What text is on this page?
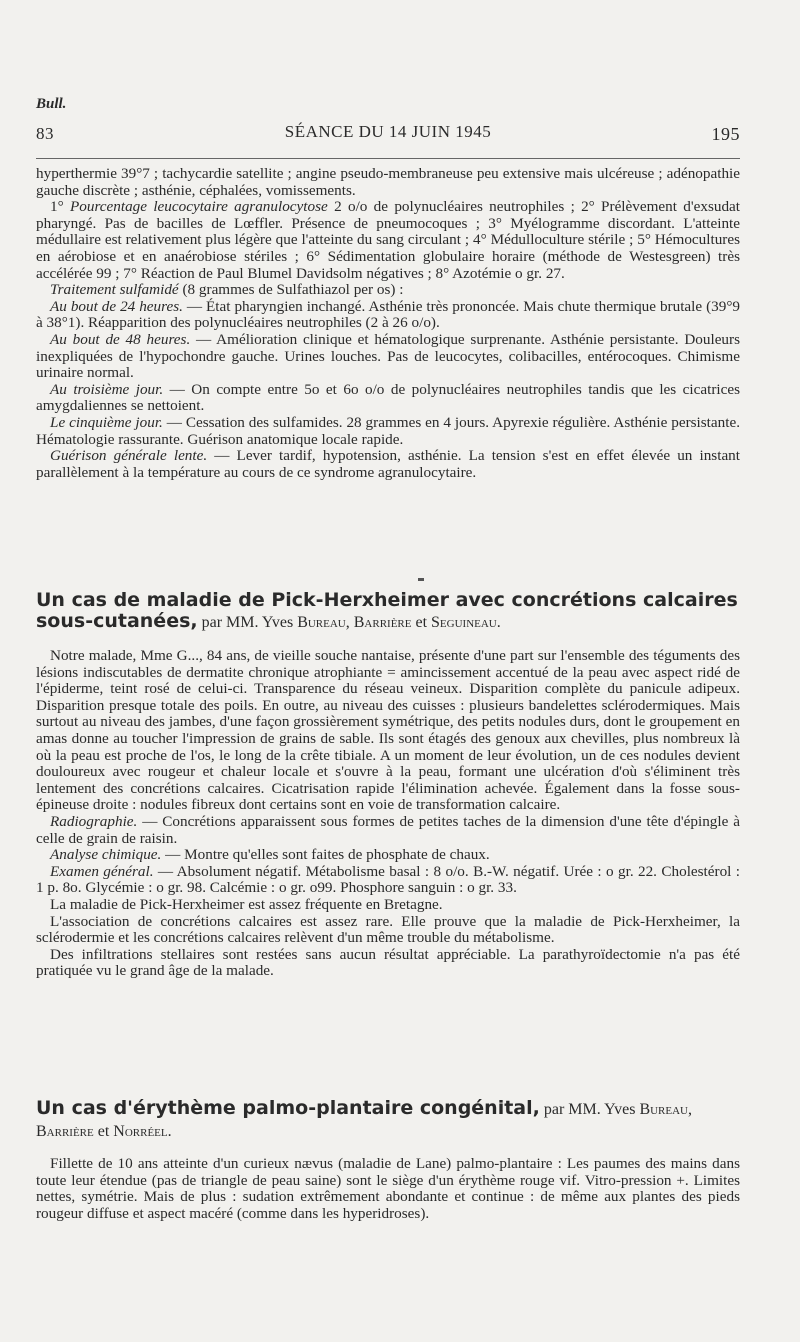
Bull.
83	SÉANCE DU 14 JUIN 1945	195

hyperthermie 39°7 ; tachycardie satellite ; angine pseudo-membraneuse peu extensive mais ulcéreuse ; adénopathie gauche discrète ; asthénie, céphalées, vomissements.

1° Pourcentage leucocytaire agranulocytose 2 o/o de polynucléaires neutrophiles ; 2° Prélèvement d'exsudat pharyngé. Pas de bacilles de Lœffler. Présence de pneumocoques ; 3° Myélogramme discordant. L'atteinte médullaire est relativement plus légère que l'atteinte du sang circulant ; 4° Médulloculture stérile ; 5° Hémocultures en aérobiose et en anaérobiose stériles ; 6° Sédimentation globulaire horaire (méthode de Westesgreen) très accélérée 99 ; 7° Réaction de Paul Blumel Davidsolm négatives ; 8° Azotémie o gr. 27.

Traitement sulfamidé (8 grammes de Sulfathiazol per os) :

Au bout de 24 heures. — État pharyngien inchangé. Asthénie très prononcée. Mais chute thermique brutale (39°9 à 38°1). Réapparition des polynucléaires neutrophiles (2 à 26 o/o).

Au bout de 48 heures. — Amélioration clinique et hématologique surprenante. Asthénie persistante. Douleurs inexpliquées de l'hypochondre gauche. Urines louches. Pas de leucocytes, colibacilles, entérocoques. Chimisme urinaire normal.

Au troisième jour. — On compte entre 5o et 6o o/o de polynucléaires neutrophiles tandis que les cicatrices amygdaliennes se nettoient.

Le cinquième jour. — Cessation des sulfamides. 28 grammes en 4 jours. Apyrexie régulière. Asthénie persistante. Hématologie rassurante. Guérison anatomique locale rapide.

Guérison générale lente. — Lever tardif, hypotension, asthénie. La tension s'est en effet élevée un instant parallèlement à la température au cours de ce syndrome agranulocytaire.

Un cas de maladie de Pick-Herxheimer avec concrétions calcaires sous-cutanées, par MM. Yves Bureau, Barrière et Seguineau.

Notre malade, Mme G..., 84 ans, de vieille souche nantaise, présente d'une part sur l'ensemble des téguments des lésions indiscutables de dermatite chronique atrophiante = amincissement accentué de la peau avec aspect ridé de l'épiderme, teint rosé de celui-ci. Transparence du réseau veineux. Disparition complète du panicule adipeux. Disparition presque totale des poils. En outre, au niveau des cuisses : plusieurs bandelettes sclérodermiques. Mais surtout au niveau des jambes, d'une façon grossièrement symétrique, des petits nodules durs, dont le groupement en amas donne au toucher l'impression de grains de sable. Ils sont étagés des genoux aux chevilles, plus nombreux là où la peau est proche de l'os, le long de la crête tibiale. A un moment de leur évolution, un de ces nodules devient douloureux avec rougeur et chaleur locale et s'ouvre à la peau, formant une ulcération d'où s'éliminent très lentement des concrétions calcaires. Cicatrisation rapide l'élimination achevée. Également dans la fosse sous-épineuse droite : nodules fibreux dont certains sont en voie de transformation calcaire.

Radiographie. — Concrétions apparaissent sous formes de petites taches de la dimension d'une tête d'épingle à celle de grain de raisin.

Analyse chimique. — Montre qu'elles sont faites de phosphate de chaux.

Examen général. — Absolument négatif. Métabolisme basal : 8 o/o. B.-W. négatif. Urée : o gr. 22. Cholestérol : 1 p. 8o. Glycémie : o gr. 98. Calcémie : o gr. o99. Phosphore sanguin : o gr. 33.

La maladie de Pick-Herxheimer est assez fréquente en Bretagne.

L'association de concrétions calcaires est assez rare. Elle prouve que la maladie de Pick-Herxheimer, la sclérodermie et les concrétions calcaires relèvent d'un même trouble du métabolisme.

Des infiltrations stellaires sont restées sans aucun résultat appréciable. La parathyroïdectomie n'a pas été pratiquée vu le grand âge de la malade.

Un cas d'érythème palmo-plantaire congénital, par MM. Yves Bureau, Barrière et Norréel.

Fillette de 10 ans atteinte d'un curieux nævus (maladie de Lane) palmo-plantaire : Les paumes des mains dans toute leur étendue (pas de triangle de peau saine) sont le siège d'un érythème rouge vif. Vitro-pression +. Limites nettes, symétrie. Mais de plus : sudation extrêmement abondante et continue : de même aux plantes des pieds rougeur diffuse et aspect macéré (comme dans les hyperidroses).
